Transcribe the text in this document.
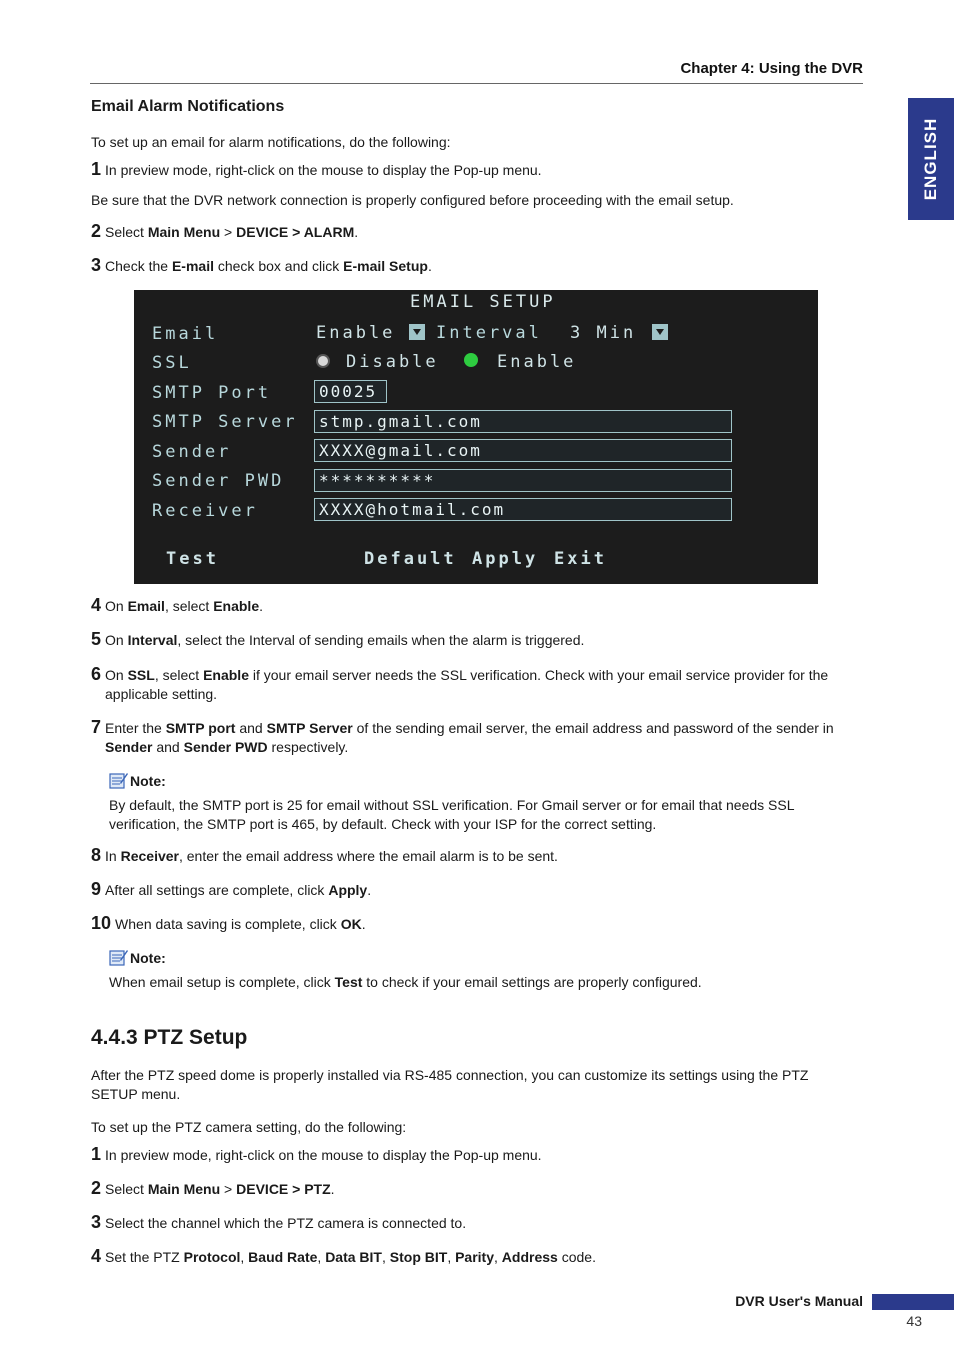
Chapter 4: Using the DVR
ENGLISH
Email Alarm Notifications
To set up an email for alarm notifications, do the following:
1 In preview mode, right-click on the mouse to display the Pop-up menu.
Be sure that the DVR network connection is properly configured before proceeding with the email setup.
2 Select Main Menu > DEVICE > ALARM.
3 Check the E-mail check box and click E-mail Setup.
EMAIL SETUP
Email	Enable Interval 3 Min
SSL	Disable	Enable
SMTP Port	00025
SMTP Server	stmp.gmail.com
Sender	XXXX@gmail.com
Sender PWD	**********
Receiver	XXXX@hotmail.com
Test	Default Apply Exit
4 On Email, select Enable.
5 On Interval, select the Interval of sending emails when the alarm is triggered.
6 On SSL, select Enable if your email server needs the SSL verification. Check with your email service provider for the
applicable setting.
7 Enter the SMTP port and SMTP Server of the sending email server, the email address and password of the sender in
Sender and Sender PWD respectively.
Note:
By default, the SMTP port is 25 for email without SSL verification. For Gmail server or for email that needs SSL
verification, the SMTP port is 465, by default. Check with your ISP for the correct setting.
8 In Receiver, enter the email address where the email alarm is to be sent.
9 After all settings are complete, click Apply.
10 When data saving is complete, click OK.
Note:
When email setup is complete, click Test to check if your email settings are properly configured.
4.4.3 PTZ Setup
After the PTZ speed dome is properly installed via RS-485 connection, you can customize its settings using the PTZ
SETUP menu.
To set up the PTZ camera setting, do the following:
1 In preview mode, right-click on the mouse to display the Pop-up menu.
2 Select Main Menu > DEVICE > PTZ.
3 Select the channel which the PTZ camera is connected to.
4 Set the PTZ Protocol, Baud Rate, Data BIT, Stop BIT, Parity, Address code.
DVR User's Manual
43
